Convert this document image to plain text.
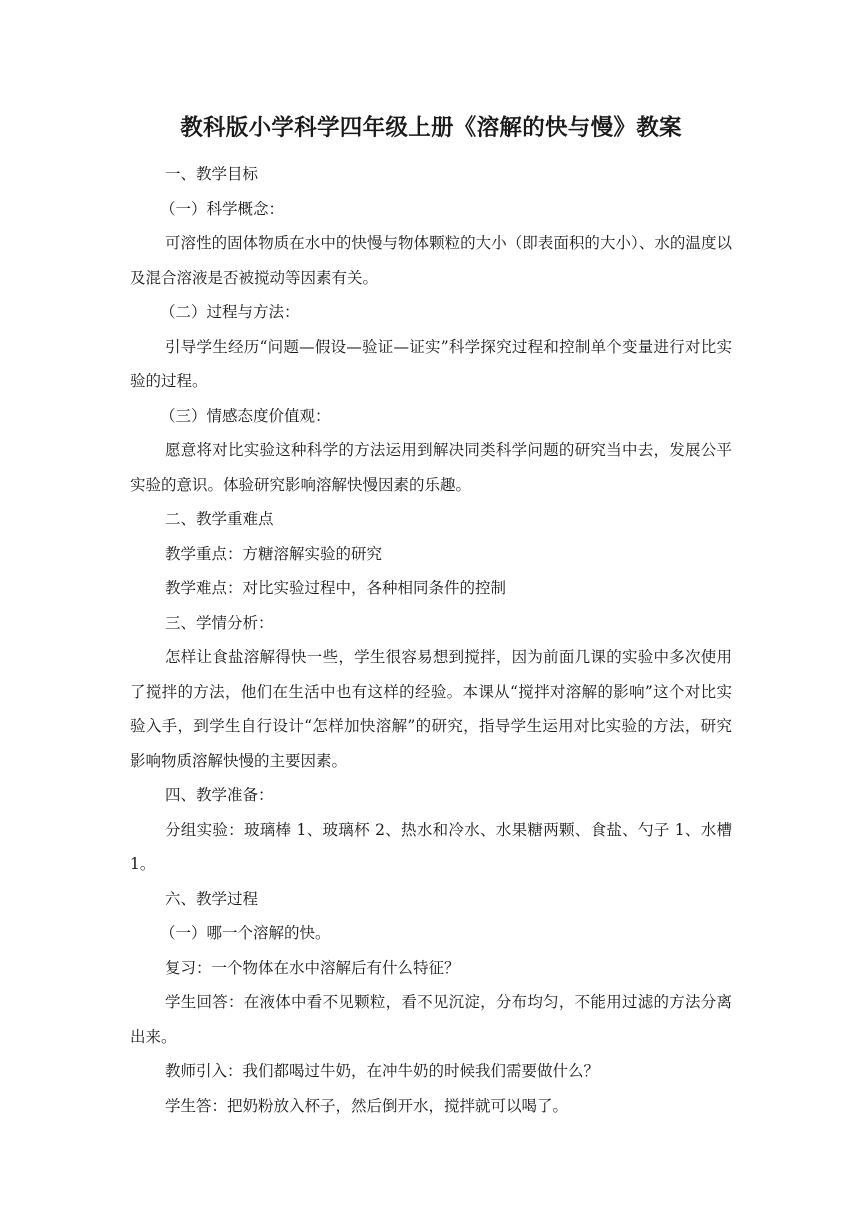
教科版小学科学四年级上册《溶解的快与慢》教案

一、教学目标

（一）科学概念：

可溶性的固体物质在水中的快慢与物体颗粒的大小（即表面积的大小）、水的温度以及混合溶液是否被搅动等因素有关。

（二）过程与方法：

引导学生经历“问题—假设—验证—证实”科学探究过程和控制单个变量进行对比实验的过程。

（三）情感态度价值观：

愿意将对比实验这种科学的方法运用到解决同类科学问题的研究当中去，发展公平实验的意识。体验研究影响溶解快慢因素的乐趣。

二、教学重难点

教学重点：方糖溶解实验的研究

教学难点：对比实验过程中，各种相同条件的控制

三、学情分析：

怎样让食盐溶解得快一些，学生很容易想到搅拌，因为前面几课的实验中多次使用了搅拌的方法，他们在生活中也有这样的经验。本课从“搅拌对溶解的影响”这个对比实验入手，到学生自行设计“怎样加快溶解”的研究，指导学生运用对比实验的方法，研究影响物质溶解快慢的主要因素。

四、教学准备：

分组实验：玻璃棒 1、玻璃杯 2、热水和冷水、水果糖两颗、食盐、勺子 1、水槽 1。

六、教学过程

（一）哪一个溶解的快。

复习：一个物体在水中溶解后有什么特征？

学生回答：在液体中看不见颗粒，看不见沉淀，分布均匀，不能用过滤的方法分离出来。

教师引入：我们都喝过牛奶，在冲牛奶的时候我们需要做什么？

学生答：把奶粉放入杯子，然后倒开水，搅拌就可以喝了。
